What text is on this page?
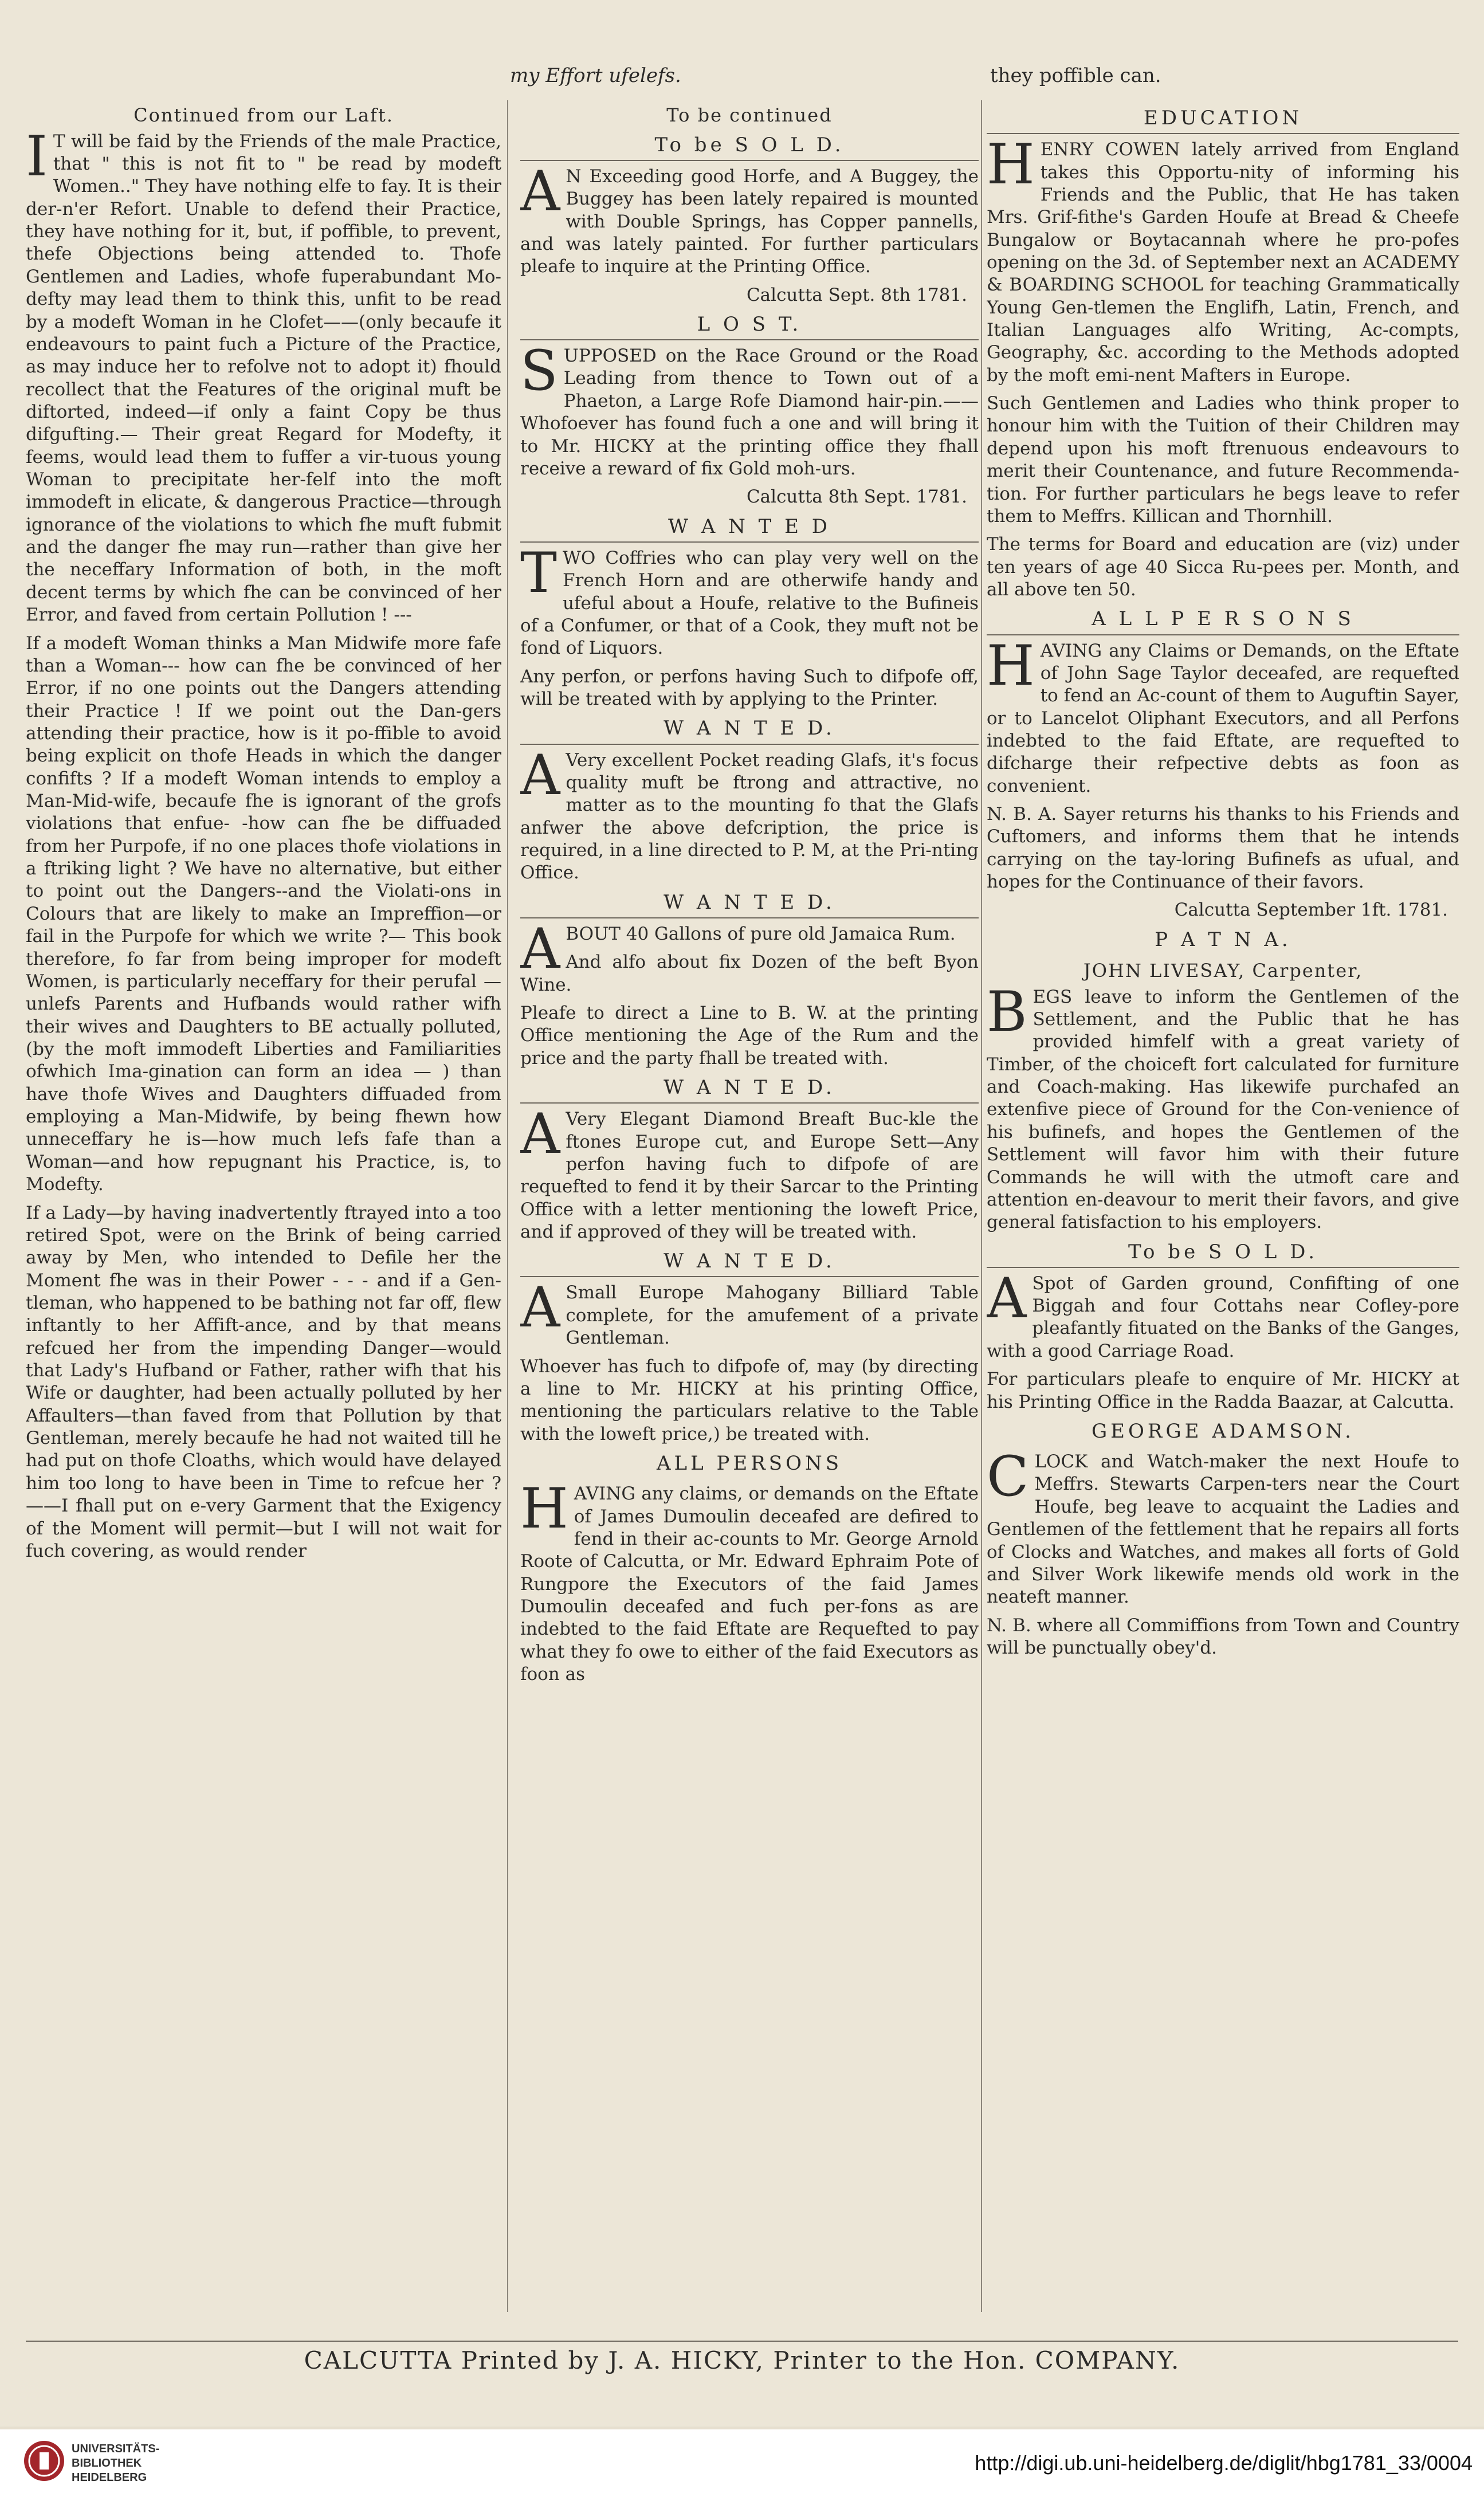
my Effort ufelefs.	they poffible can.
Continued from our Laft.

IT will be faid by the Friends of the male Practice, that " this is not fit to " be read by modeft Women.." They have nothing elfe to fay. It is their der-n'er Refort. Unable to defend their Practice, they have nothing for it, but, if poffible, to prevent, thefe Objections being attended to. Thofe Gentlemen and Ladies, whofe fuperabundant Mo-defty may lead them to think this, unfit to be read by a modeft Woman in he Clofet——(only becaufe it endeavours to paint fuch a Picture of the Practice, as may induce her to refolve not to adopt it) fhould recollect that the Features of the original muft be diftorted, indeed—if only a faint Copy be thus difgufting.— Their great Regard for Modefty, it feems, would lead them to fuffer a vir-tuous young Woman to precipitate her-felf into the moft immodeft in elicate, & dangerous Practice—through ignorance of the violations to which fhe muft fubmit and the danger fhe may run—rather than give her the neceffary Information of both, in the moft decent terms by which fhe can be convinced of her Error, and faved from certain Pollution ! ---

If a modeft Woman thinks a Man Midwife more fafe than a Woman--- how can fhe be convinced of her Error, if no one points out the Dangers attending their Practice ! If we point out the Dan-gers attending their practice, how is it po-ffible to avoid being explicit on thofe Heads in which the danger confifts ? If a modeft Woman intends to employ a Man-Mid-wife, becaufe fhe is ignorant of the grofs violations that enfue- -how can fhe be diffuaded from her Purpofe, if no one places thofe violations in a ftriking light ? We have no alternative, but either to point out the Dangers--and the Violati-ons in Colours that are likely to make an Impreffion—or fail in the Purpofe for which we write ?— This book therefore, fo far from being improper for modeft Women, is particularly neceffary for their perufal —unlefs Parents and Hufbands would rather wifh their wives and Daughters to BE actually polluted, (by the moft immodeft Liberties and Familiarities ofwhich Ima-gination can form an idea — ) than have thofe Wives and Daughters diffuaded from employing a Man-Midwife, by being fhewn how unneceffary he is—how much lefs fafe than a Woman—and how repugnant his Practice, is, to Modefty.

If a Lady—by having inadvertently ftrayed into a too retired Spot, were on the Brink of being carried away by Men, who intended to Defile her the Moment fhe was in their Power - - - and if a Gen-tleman, who happened to be bathing not far off, flew inftantly to her Affift-ance, and by that means refcued her from the impending Danger—would that Lady's Hufband or Father, rather wifh that his Wife or daughter, had been actually polluted by her Affaulters—than faved from that Pollution by that Gentleman, merely becaufe he had not waited till he had put on thofe Cloaths, which would have delayed him too long to have been in Time to refcue her ?——I fhall put on e-very Garment that the Exigency of the Moment will permit—but I will not wait for fuch covering, as would render

To be continued
To be S O L D.

AN Exceeding good Horfe, and A Buggey, the Buggey has been lately repaired is mounted with Double Springs, has Copper pannells, and was lately painted. For further particulars pleafe to inquire at the Printing Office.

Calcutta Sept. 8th 1781.
L O S T.

SUPPOSED on the Race Ground or the Road Leading from thence to Town out of a Phaeton, a Large Rofe Diamond hair-pin.——Whofoever has found fuch a one and will bring it to Mr. HICKY at the printing office they fhall receive a reward of fix Gold moh-urs.

Calcutta 8th Sept. 1781.
W A N T E D

TWO Coffries who can play very well on the French Horn and are otherwife handy and ufeful about a Houfe, relative to the Bufineis of a Confumer, or that of a Cook, they muft not be fond of Liquors.

Any perfon, or perfons having Such to difpofe off, will be treated with by applying to the Printer.

W A N T E D.

AVery excellent Pocket reading Glafs, it's focus quality muft be ftrong and attractive, no matter as to the mounting fo that the Glafs anfwer the above defcription, the price is required, in a line directed to P. M, at the Pri-nting Office.

W A N T E D.

ABOUT 40 Gallons of pure old Jamaica Rum.

And alfo about fix Dozen of the beft Byon Wine.

Pleafe to direct a Line to B. W. at the printing Office mentioning the Age of the Rum and the price and the party fhall be treated with.

W A N T E D.

AVery Elegant Diamond Breaft Buc-kle the ftones Europe cut, and Europe Sett—Any perfon having fuch to difpofe of are requefted to fend it by their Sarcar to the Printing Office with a letter mentioning the loweft Price, and if approved of they will be treated with.

W A N T E D.

ASmall Europe Mahogany Billiard Table complete, for the amufement of a private Gentleman.

Whoever has fuch to difpofe of, may (by directing a line to Mr. HICKY at his printing Office, mentioning the particulars relative to the Table with the loweft price,) be treated with.

ALL PERSONS

HAVING any claims, or demands on the Eftate of James Dumoulin deceafed are defired to fend in their ac-counts to Mr. George Arnold Roote of Calcutta, or Mr. Edward Ephraim Pote of Rungpore the Executors of the faid James Dumoulin deceafed and fuch per-fons as are indebted to the faid Eftate are Requefted to pay what they fo owe to either of the faid Executors as foon as

EDUCATION

HENRY COWEN lately arrived from England takes this Opportu-nity of informing his Friends and the Public, that He has taken Mrs. Grif-fithe's Garden Houfe at Bread & Cheefe Bungalow or Boytacannah where he pro-pofes opening on the 3d. of September next an ACADEMY & BOARDING SCHOOL for teaching Grammatically Young Gen-tlemen the Englifh, Latin, French, and Italian Languages alfo Writing, Ac-compts, Geography, &c. according to the Methods adopted by the moft emi-nent Mafters in Europe.

Such Gentlemen and Ladies who think proper to honour him with the Tuition of their Children may depend upon his moft ftrenuous endeavours to merit their Countenance, and future Recommenda-tion. For further particulars he begs leave to refer them to Meffrs. Killican and Thornhill.

The terms for Board and education are (viz) under ten years of age 40 Sicca Ru-pees per. Month, and all above ten 50.

A L L P E R S O N S

HAVING any Claims or Demands, on the Eftate of John Sage Taylor deceafed, are requefted to fend an Ac-count of them to Auguftin Sayer, or to Lancelot Oliphant Executors, and all Perfons indebted to the faid Eftate, are requefted to difcharge their refpective debts as foon as convenient.

N. B. A. Sayer returns his thanks to his Friends and Cuftomers, and informs them that he intends carrying on the tay-loring Bufinefs as ufual, and hopes for the Continuance of their favors.

Calcutta September 1ft. 1781.
P A T N A.
JOHN LIVESAY, Carpenter,

BEGS leave to inform the Gentlemen of the Settlement, and the Public that he has provided himfelf with a great variety of Timber, of the choiceft fort calculated for furniture and Coach-making. Has likewife purchafed an extenfive piece of Ground for the Con-venience of his bufinefs, and hopes the Gentlemen of the Settlement will favor him with their future Commands he will with the utmoft care and attention en-deavour to merit their favors, and give general fatisfaction to his employers.

To be S O L D.

ASpot of Garden ground, Confifting of one Biggah and four Cottahs near Cofley-pore pleafantly fituated on the Banks of the Ganges, with a good Carriage Road.

For particulars pleafe to enquire of Mr. HICKY at his Printing Office in the Radda Baazar, at Calcutta.

GEORGE ADAMSON.

CLOCK and Watch-maker the next Houfe to Meffrs. Stewarts Carpen-ters near the Court Houfe, beg leave to acquaint the Ladies and Gentlemen of the fettlement that he repairs all forts of Clocks and Watches, and makes all forts of Gold and Silver Work likewife mends old work in the neateft manner.

N. B. where all Commiffions from Town and Country will be punctually obey'd.

CALCUTTA Printed by J. A. HICKY, Printer to the Hon. COMPANY.
UNIVERSITÄTS-
BIBLIOTHEK
HEIDELBERG
http://digi.ub.uni-heidelberg.de/diglit/hbg1781_33/0004
